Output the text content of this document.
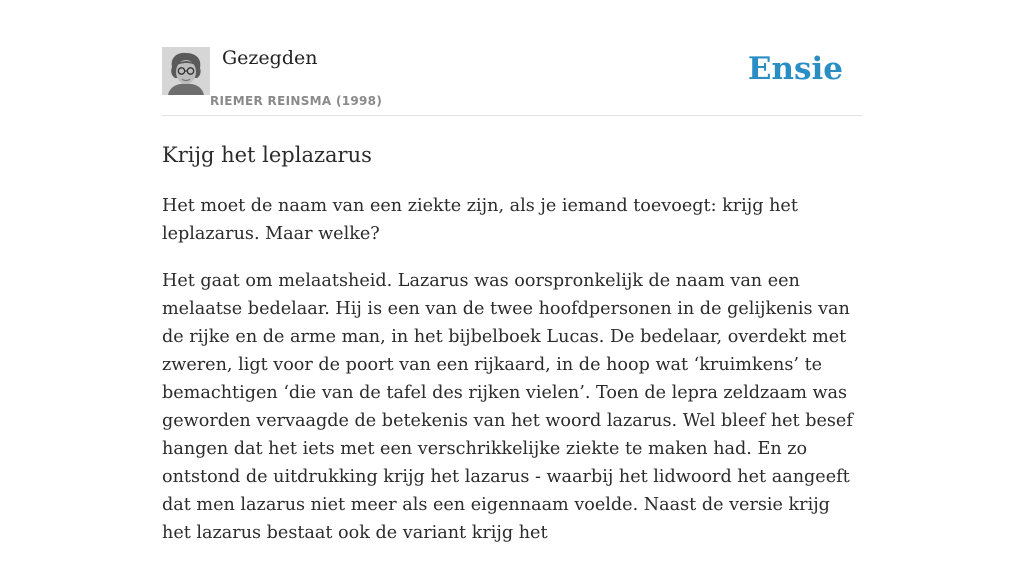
Gezegden
RIEMER REINSMA (1998)
Ensie
Krijg het leplazarus

Het moet de naam van een ziekte zijn, als je iemand toevoegt: krijg het leplazarus. Maar welke?

Het gaat om melaatsheid. Lazarus was oorspronkelijk de naam van een melaatse bedelaar. Hij is een van de twee hoofdpersonen in de gelijkenis van de rijke en de arme man, in het bijbelboek Lucas. De bedelaar, overdekt met zweren, ligt voor de poort van een rijkaard, in de hoop wat ‘kruimkens’ te bemachtigen ‘die van de tafel des rijken vielen’. Toen de lepra zeldzaam was geworden vervaagde de betekenis van het woord lazarus. Wel bleef het besef hangen dat het iets met een verschrikkelijke ziekte te maken had. En zo ontstond de uitdrukking krijg het lazarus - waarbij het lidwoord het aangeeft dat men lazarus niet meer als een eigennaam voelde. Naast de versie krijg het lazarus bestaat ook de variant krijg het
